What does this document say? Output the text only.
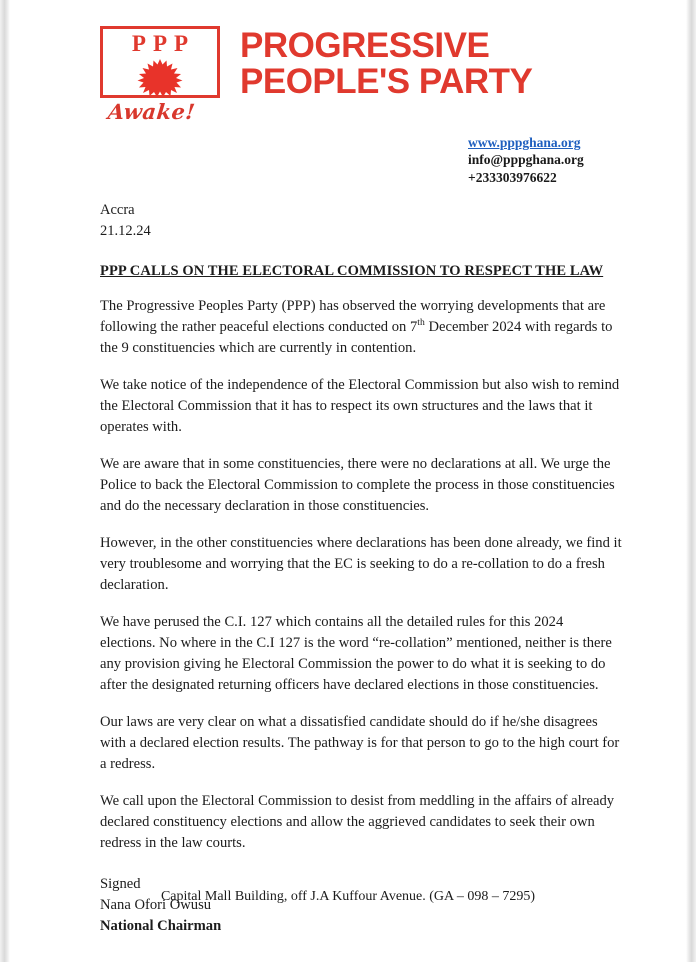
PPP
Awake!
PROGRESSIVE
PEOPLE'S PARTY
www.pppghana.org
info@pppghana.org
+233303976622
Accra
21.12.24
PPP CALLS ON THE ELECTORAL COMMISSION TO RESPECT THE LAW

The Progressive Peoples Party (PPP) has observed the worrying developments that are following the rather peaceful elections conducted on 7th December 2024 with regards to the 9 constituencies which are currently in contention.

We take notice of the independence of the Electoral Commission but also wish to remind the Electoral Commission that it has to respect its own structures and the laws that it operates with.

We are aware that in some constituencies, there were no declarations at all. We urge the Police to back the Electoral Commission to complete the process in those constituencies and do the necessary declaration in those constituencies.

However, in the other constituencies where declarations has been done already, we find it very troublesome and worrying that the EC is seeking to do a re-collation to do a fresh declaration.

We have perused the C.I. 127 which contains all the detailed rules for this 2024 elections. No where in the C.I 127 is the word “re-collation” mentioned, neither is there any provision giving he Electoral Commission the power to do what it is seeking to do after the designated returning officers have declared elections in those constituencies.

Our laws are very clear on what a dissatisfied candidate should do if he/she disagrees with a declared election results. The pathway is for that person to go to the high court for a redress.

We call upon the Electoral Commission to desist from meddling in the affairs of already declared constituency elections and allow the aggrieved candidates to seek their own redress in the law courts.

Signed
Nana Ofori Owusu
National Chairman
Capital Mall Building, off J.A Kuffour Avenue. (GA – 098 – 7295)
